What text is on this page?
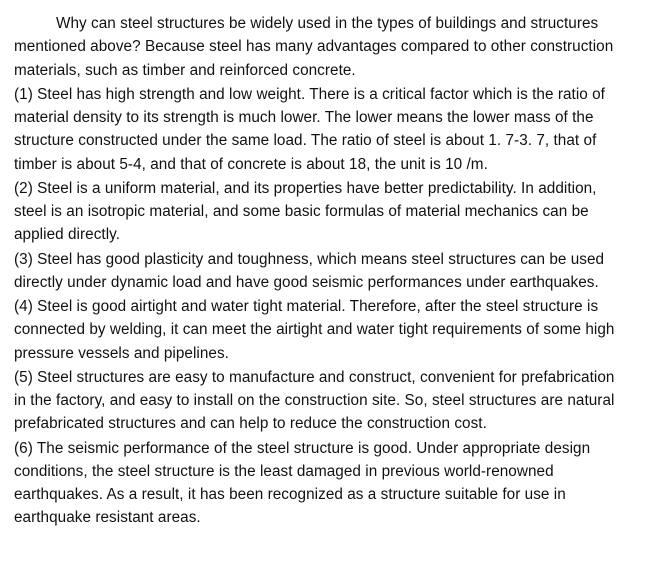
Why can steel structures be widely used in the types of buildings and structures mentioned above? Because steel has many advantages compared to other construction materials, such as timber and reinforced concrete.

(1) Steel has high strength and low weight. There is a critical factor which is the ratio of material density to its strength is much lower. The lower means the lower mass of the structure constructed under the same load. The ratio of steel is about 1. 7-3. 7, that of timber is about 5-4, and that of concrete is about 18, the unit is 10 /m.

(2) Steel is a uniform material, and its properties have better predictability. In addition, steel is an isotropic material, and some basic formulas of material mechanics can be applied directly.

(3) Steel has good plasticity and toughness, which means steel structures can be used directly under dynamic load and have good seismic performances under earthquakes.

(4) Steel is good airtight and water tight material. Therefore, after the steel structure is connected by welding, it can meet the airtight and water tight requirements of some high pressure vessels and pipelines.

(5) Steel structures are easy to manufacture and construct, convenient for prefabrication in the factory, and easy to install on the construction site. So, steel structures are natural prefabricated structures and can help to reduce the construction cost.

(6) The seismic performance of the steel structure is good. Under appropriate design conditions, the steel structure is the least damaged in previous world-renowned earthquakes. As a result, it has been recognized as a structure suitable for use in earthquake resistant areas.
